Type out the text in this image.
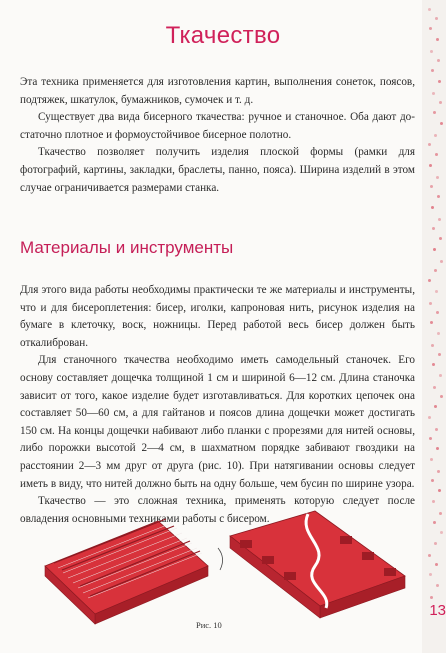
Ткачество

Эта техника применяется для изготовления картин, выполнения сонеток, поясов, подтяжек, шкатулок, бумажников, сумочек и т. д.

Существует два вида бисерного ткачества: ручное и станочное. Оба дают достаточно плотное и формоустойчивое бисерное полотно.

Ткачество позволяет получить изделия плоской формы (рамки для фотографий, картины, закладки, браслеты, панно, пояса). Ширина изделий в этом случае ограничивается размерами станка.

Материалы и инструменты

Для этого вида работы необходимы практически те же материалы и инструменты, что и для бисероплетения: бисер, иголки, капроновая нить, рисунок изделия на бумаге в клеточку, воск, ножницы. Перед работой весь бисер должен быть откалиброван.

Для станочного ткачества необходимо иметь самодельный станочек. Его основу составляет дощечка толщиной 1 см и шириной 6—12 см. Длина станочка зависит от того, какое изделие будет изготавливаться. Для коротких цепочек она составляет 50—60 см, а для гайтанов и поясов длина дощечки может достигать 150 см. На концы дощечки набивают либо планки с прорезями для нитей основы, либо порожки высотой 2—4 см, в шахматном порядке забивают гвоздики на расстоянии 2—3 мм друг от друга (рис. 10). При натягивании основы следует иметь в виду, что нитей должно быть на одну больше, чем бусин по ширине узора.

Ткачество — это сложная техника, применять которую следует после овладения основными техниками работы с бисером.

Рис. 10
13
